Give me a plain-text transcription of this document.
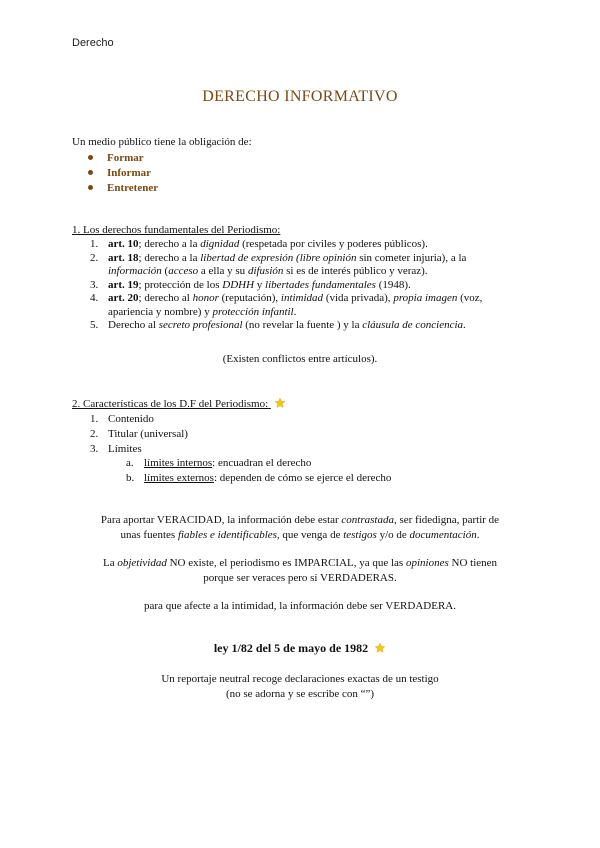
Derecho
DERECHO INFORMATIVO
Un medio público tiene la obligación de:
Formar
Informar
Entretener
1. Los derechos fundamentales del Periodismo:
1. art. 10; derecho a la dignidad (respetada por civiles y poderes públicos).
2. art. 18; derecho a la libertad de expresión (libre opinión sin cometer injuria), a la información (acceso a ella y su difusión si es de interés público y veraz).
3. art. 19; protección de los DDHH y libertades fundamentales (1948).
4. art. 20; derecho al honor (reputación), intimidad (vida privada), propia imagen (voz, apariencia y nombre) y protección infantil.
5. Derecho al secreto profesional (no revelar la fuente ) y la cláusula de conciencia.
(Existen conflictos entre artículos).
2. Características de los D.F del Periodismo:
1. Contenido
2. Titular (universal)
3. Límites
a. límites internos: encuadran el derecho
b. límites externos: dependen de cómo se ejerce el derecho
Para aportar VERACIDAD, la información debe estar contrastada, ser fidedigna, partir de
unas fuentes fiables e identificables, que venga de testigos y/o de documentación.
La objetividad NO existe, el periodismo es IMPARCIAL, ya que las opiniones NO tienen
porque ser veraces pero sí VERDADERAS.
para que afecte a la intimidad, la información debe ser VERDADERA.
ley 1/82 del 5 de mayo de 1982
Un reportaje neutral recoge declaraciones exactas de un testigo
(no se adorna y se escribe con “”)
